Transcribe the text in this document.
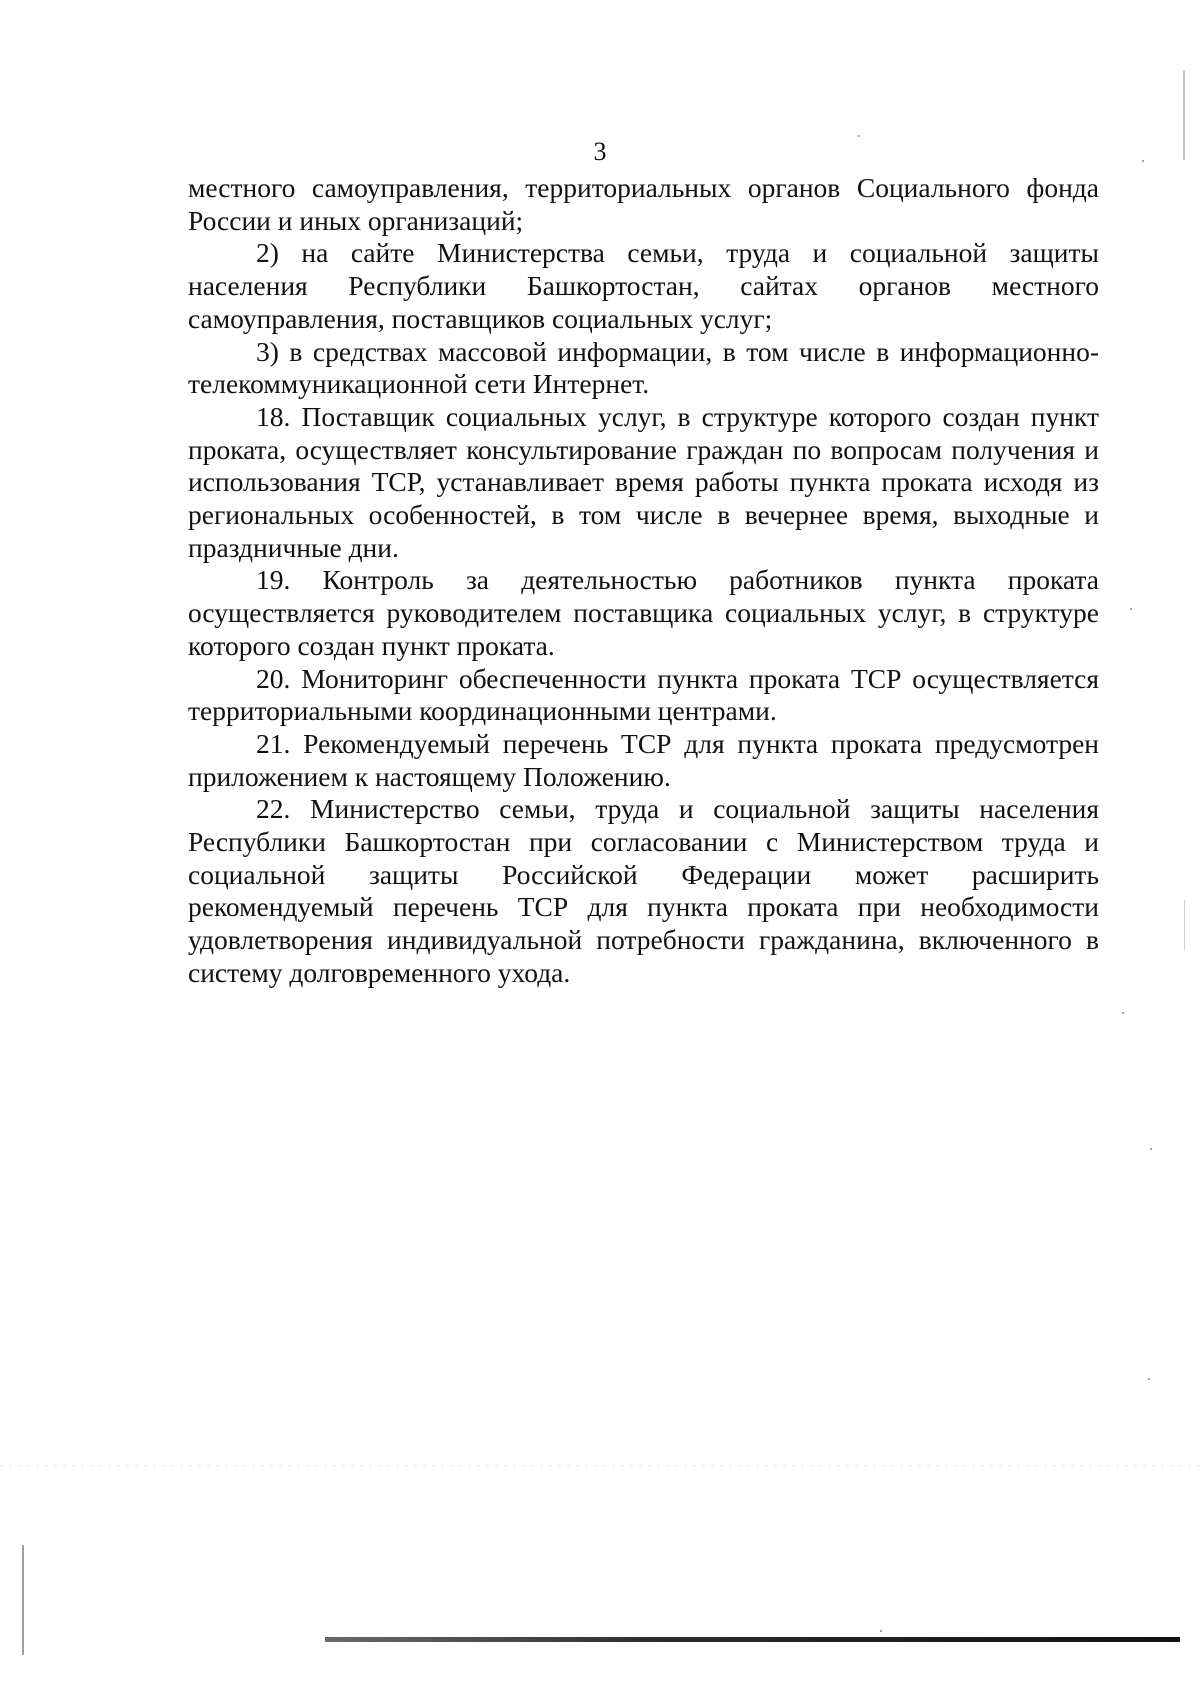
3

местного самоуправления, территориальных органов Социального фонда России и иных организаций;

2) на сайте Министерства семьи, труда и социальной защиты населения Республики Башкортостан, сайтах органов местного самоуправления, поставщиков социальных услуг;

3) в средствах массовой информации, в том числе в информационно-телекоммуникационной сети Интернет.

18. Поставщик социальных услуг, в структуре которого создан пункт проката, осуществляет консультирование граждан по вопросам получения и использования ТСР, устанавливает время работы пункта проката исходя из региональных особенностей, в том числе в вечернее время, выходные и праздничные дни.

19. Контроль за деятельностью работников пункта проката осуществляется руководителем поставщика социальных услуг, в структуре которого создан пункт проката.

20. Мониторинг обеспеченности пункта проката ТСР осуществляется территориальными координационными центрами.

21. Рекомендуемый перечень ТСР для пункта проката предусмотрен приложением к настоящему Положению.

22. Министерство семьи, труда и социальной защиты населения Республики Башкортостан при согласовании с Министерством труда и социальной защиты Российской Федерации может расширить рекомендуемый перечень ТСР для пункта проката при необходимости удовлетворения индивидуальной потребности гражданина, включенного в систему долговременного ухода.
